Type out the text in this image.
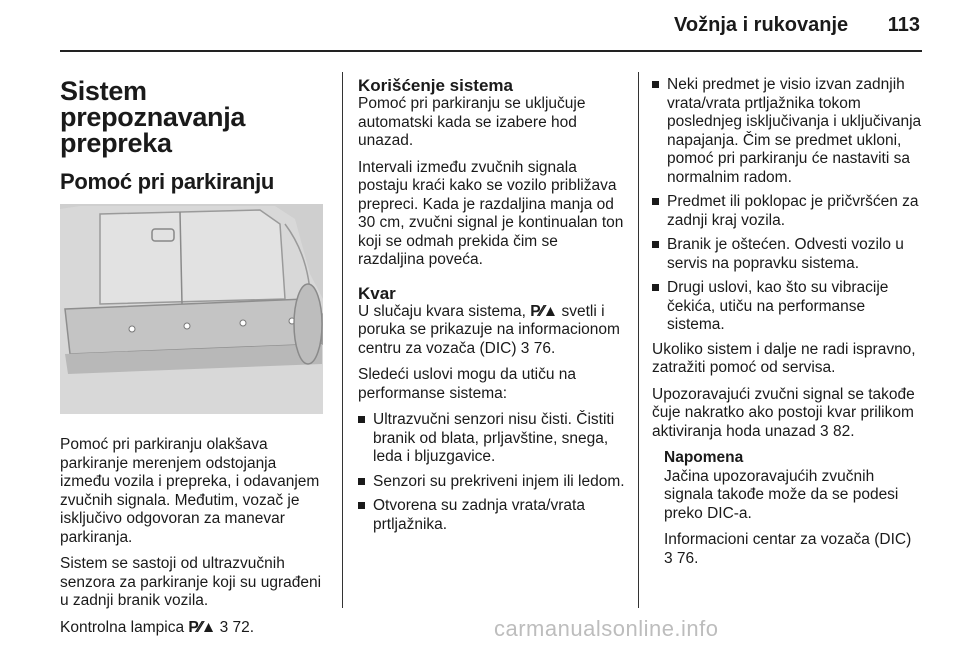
Vožnja i rukovanje 113
Sistem prepoznavanja prepreka
Pomoć pri parkiranju

Pomoć pri parkiranju olakšava parkiranje merenjem odstojanja između vozila i prepreka, i odavanjem zvučnih signala. Međutim, vozač je isključivo odgovoran za manevar parkiranja.

Sistem se sastoji od ultrazvučnih senzora za parkiranje koji su ugrađeni u zadnji branik vozila.

Kontrolna lampica P⁄⁄▲ 3 72.

Korišćenje sistema

Pomoć pri parkiranju se uključuje automatski kada se izabere hod unazad.

Intervali između zvučnih signala postaju kraći kako se vozilo približava prepreci. Kada je razdaljina manja od 30 cm, zvučni signal je kontinualan ton koji se odmah prekida čim se razdaljina poveća.

Kvar

U slučaju kvara sistema, P⁄⁄▲ svetli i poruka se prikazuje na informacionom centru za vozača (DIC) 3 76.

Sledeći uslovi mogu da utiču na performanse sistema:

Ultrazvučni senzori nisu čisti. Čistiti branik od blata, prljavštine, snega, leda i bljuzgavice.
Senzori su prekriveni injem ili ledom.
Otvorena su zadnja vrata/vrata prtljažnika.
Neki predmet je visio izvan zadnjih vrata/vrata prtljažnika tokom poslednjeg isključivanja i uključivanja napajanja. Čim se predmet ukloni, pomoć pri parkiranju će nastaviti sa normalnim radom.
Predmet ili poklopac je pričvršćen za zadnji kraj vozila.
Branik je oštećen. Odvesti vozilo u servis na popravku sistema.
Drugi uslovi, kao što su vibracije čekića, utiču na performanse sistema.

Ukoliko sistem i dalje ne radi ispravno, zatražiti pomoć od servisa.

Upozoravajući zvučni signal se takođe čuje nakratko ako postoji kvar prilikom aktiviranja hoda unazad 3 82.

Napomena

Jačina upozoravajućih zvučnih signala takođe može da se podesi preko DIC-a.

Informacioni centar za vozača (DIC) 3 76.

carmanualsonline.info
